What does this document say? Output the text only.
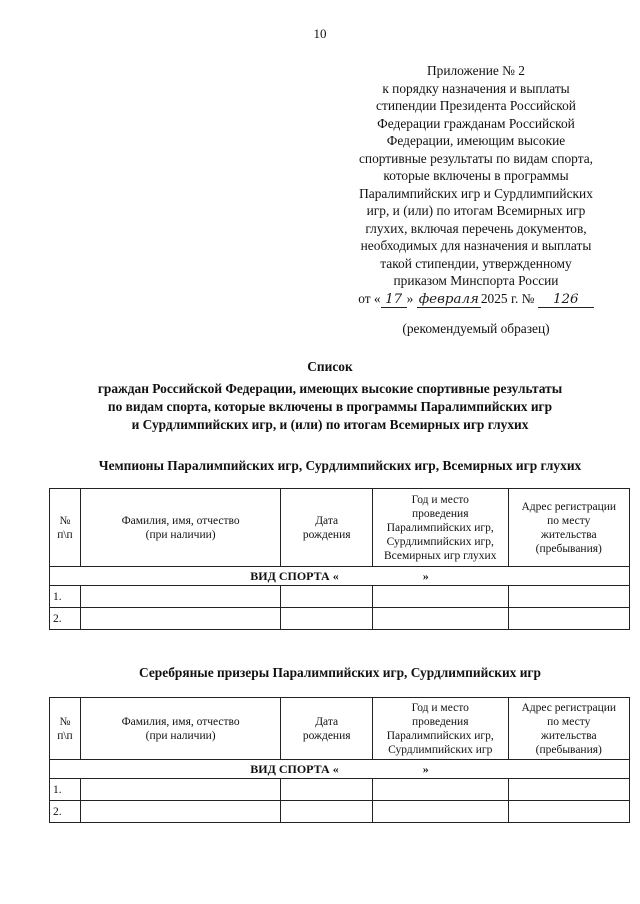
10
Приложение № 2
к порядку назначения и выплаты
стипендии Президента Российской
Федерации гражданам Российской
Федерации, имеющим высокие
спортивные результаты по видам спорта,
которые включены в программы
Паралимпийских игр и Сурдлимпийских
игр, и (или) по итогам Всемирных игр
глухих, включая перечень документов,
необходимых для назначения и выплаты
такой стипендии, утвержденному
приказом Минспорта России
от « 17 » февраля 2025 г. № 126
(рекомендуемый образец)
Список
граждан Российской Федерации, имеющих высокие спортивные результаты
по видам спорта, которые включены в программы Паралимпийских игр
и Сурдлимпийских игр, и (или) по итогам Всемирных игр глухих
Чемпионы Паралимпийских игр, Сурдлимпийских игр, Всемирных игр глухих
№
п\п	Фамилия, имя, отчество
(при наличии)	Дата
рождения	Год и место
проведения
Паралимпийских игр,
Сурдлимпийских игр,
Всемирных игр глухих	Адрес регистрации
по месту
жительства
(пребывания)
ВИД СПОРТА «                            »				
1.				
2.				
Серебряные призеры Паралимпийских игр, Сурдлимпийских игр
№
п\п	Фамилия, имя, отчество
(при наличии)	Дата
рождения	Год и место
проведения
Паралимпийских игр,
Сурдлимпийских игр	Адрес регистрации
по месту
жительства
(пребывания)
ВИД СПОРТА «                            »				
1.				
2.				
